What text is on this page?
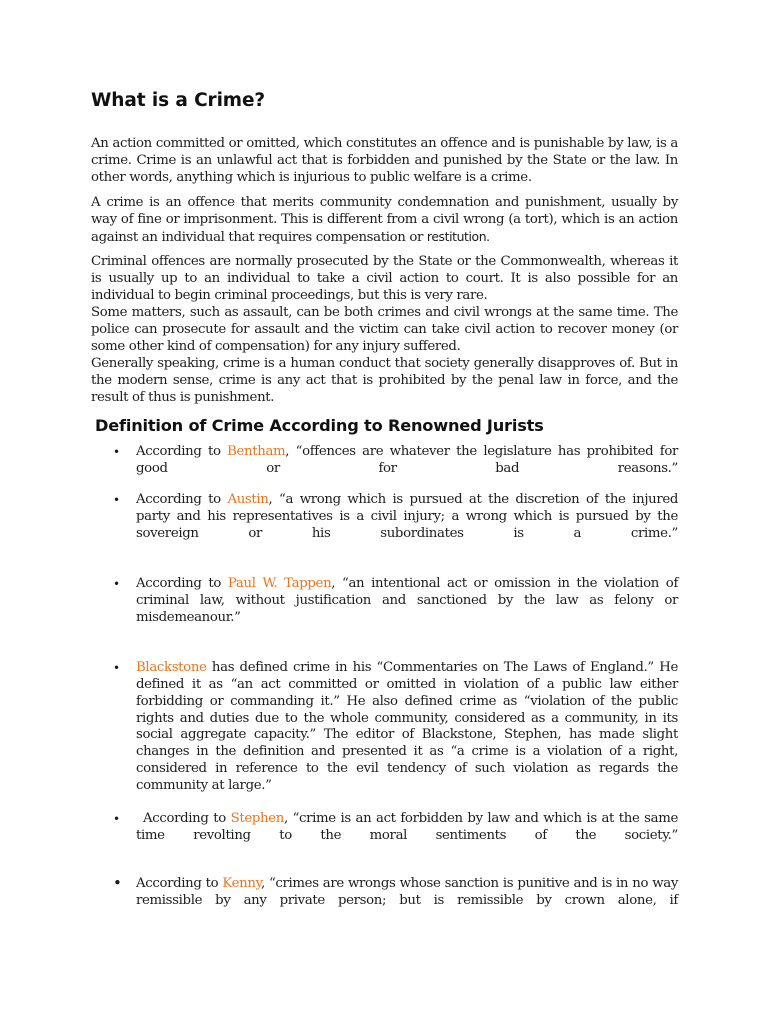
What is a Crime?

An action committed or omitted, which constitutes an offence and is punishable by law, is a crime. Crime is an unlawful act that is forbidden and punished by the State or the law. In other words, anything which is injurious to public welfare is a crime.

A crime is an offence that merits community condemnation and punishment, usually by way of fine or imprisonment. This is different from a civil wrong (a tort), which is an action against an individual that requires compensation or restitution.

Criminal offences are normally prosecuted by the State or the Commonwealth, whereas it is usually up to an individual to take a civil action to court. It is also possible for an individual to begin criminal proceedings, but this is very rare.

Some matters, such as assault, can be both crimes and civil wrongs at the same time. The police can prosecute for assault and the victim can take civil action to recover money (or some other kind of compensation) for any injury suffered.

Generally speaking, crime is a human conduct that society generally disapproves of. But in the modern sense, crime is any act that is prohibited by the penal law in force, and the result of thus is punishment.

Definition of Crime According to Renowned Jurists
• According to Bentham, “offences are whatever the legislature has prohibited for good or for bad reasons.”
• According to Austin, “a wrong which is pursued at the discretion of the injured party and his representatives is a civil injury; a wrong which is pursued by the sovereign or his subordinates is a crime.”
• According to Paul W. Tappen, “an intentional act or omission in the violation of criminal law, without justification and sanctioned by the law as felony or misdemeanour.”
• Blackstone has defined crime in his “Commentaries on The Laws of England.” He defined it as “an act committed or omitted in violation of a public law either forbidding or commanding it.” He also defined crime as “violation of the public rights and duties due to the whole community, considered as a community, in its social aggregate capacity.” The editor of Blackstone, Stephen, has made slight changes in the definition and presented it as “a crime is a violation of a right, considered in reference to the evil tendency of such violation as regards the community at large.”
• According to Stephen, “crime is an act forbidden by law and which is at the same time revolting to the moral sentiments of the society.”
• According to Kenny, “crimes are wrongs whose sanction is punitive and is in no way remissible by any private person; but is remissible by crown alone, if
